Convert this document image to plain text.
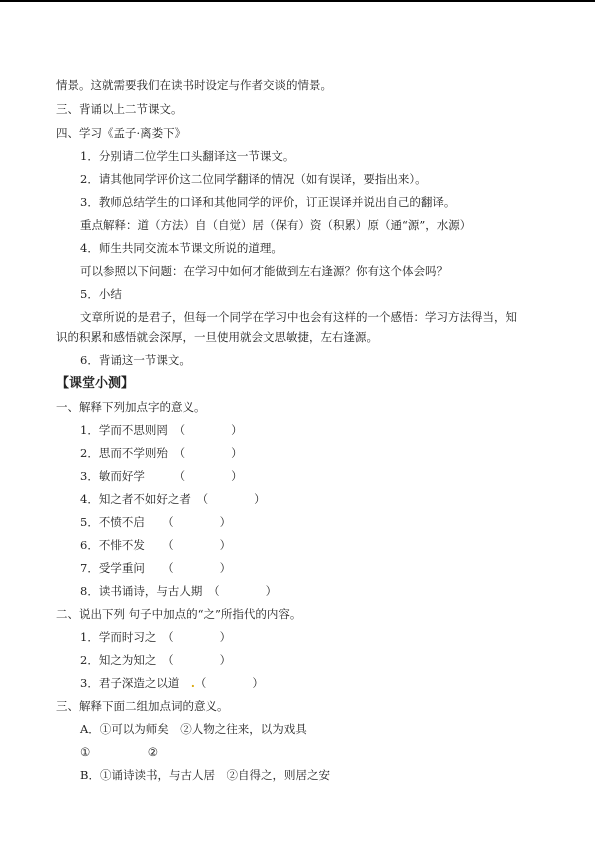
情景。这就需要我们在读书时设定与作者交谈的情景。
三、背诵以上二节课文。
四、学习《孟子·离娄下》
1．分别请二位学生口头翻译这一节课文。
2．请其他同学评价这二位同学翻译的情况（如有误译，要指出来）。
3．教师总结学生的口译和其他同学的评价，订正误译并说出自己的翻译。
重点解释：道（方法）自（自觉）居（保有）资（积累）原（通“源”，水源）
4．师生共同交流本节课文所说的道理。
可以参照以下问题：在学习中如何才能做到左右逢源？你有这个体会吗？
5．小结
文章所说的是君子，但每一个同学在学习中也会有这样的一个感悟：学习方法得当，知
识的积累和感悟就会深厚，一旦使用就会文思敏捷，左右逢源。
6．背诵这一节课文。
【课堂小测】
一、解释下列加点字的意义。
1．学而不思则罔　（　　　　）
2．思而不学则殆　（　　　　）
3．敏而好学　　　（　　　　）
4．知之者不如好之者　（　　　　）
5．不愤不启　　（　　　　）
6．不悱不发　　（　　　　）
7．受学重问　　（　　　　）
8．读书诵诗，与古人期　（　　　　）
二、说出下列 句子中加点的“之”所指代的内容。
1．学而时习之　（　　　　）
2．知之为知之　（　　　　）
3．君子深造之以道　.（　　　　）
三、解释下面二组加点词的意义。
A．①可以为师矣　②人物之往来，以为戏具
①　　　　　②
B．①诵诗读书，与古人居　②自得之，则居之安
